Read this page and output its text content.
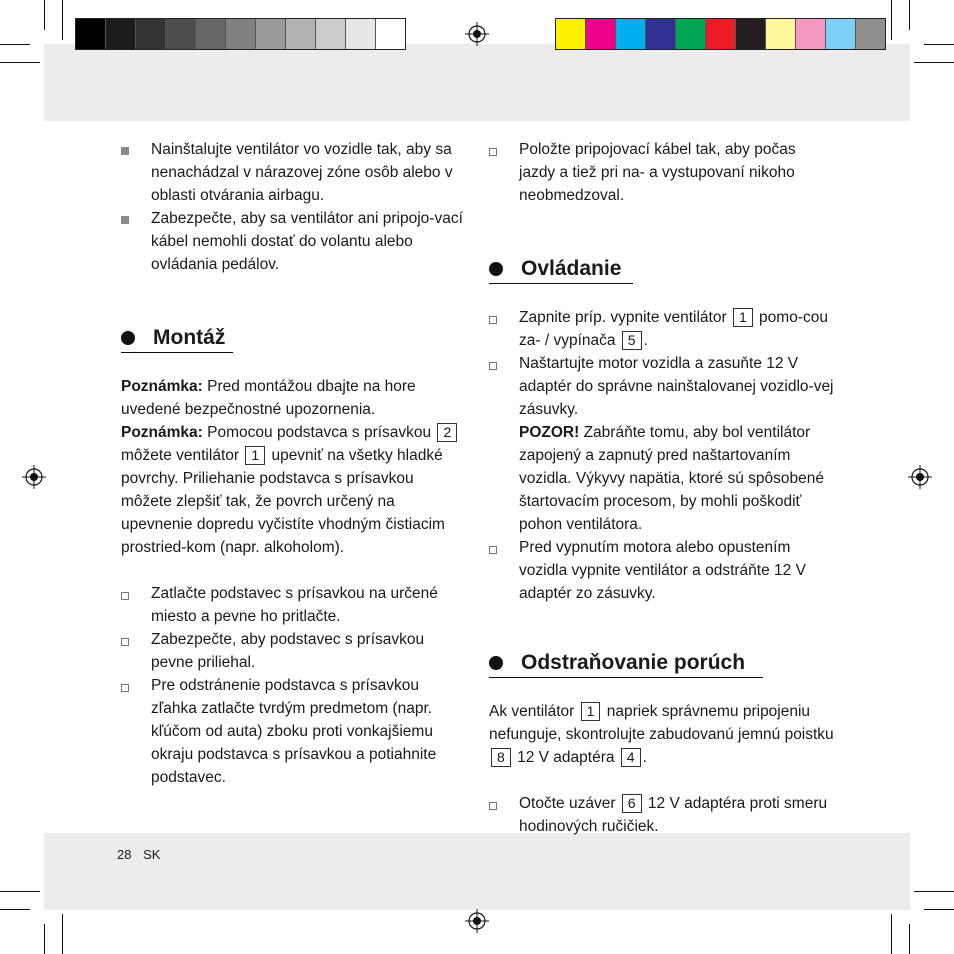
Nainštalujte ventilátor vo vozidle tak, aby sa nenachádzal v nárazovej zóne osôb alebo v oblasti otvárania airbagu.
Zabezpečte, aby sa ventilátor ani pripojo-vací kábel nemohli dostať do volantu alebo ovládania pedálov.
Montáž
Poznámka: Pred montážou dbajte na hore uvedené bezpečnostné upozornenia.
Poznámka: Pomocou podstavca s prísavkou 2 môžete ventilátor 1 upevniť na všetky hladké povrchy. Priliehanie podstavca s prísavkou môžete zlepšiť tak, že povrch určený na upevnenie dopredu vyčistíte vhodným čistiacim prostried-kom (napr. alkoholom).
Zatlačte podstavec s prísavkou na určené miesto a pevne ho pritlačte.
Zabezpečte, aby podstavec s prísavkou pevne priliehal.
Pre odstránenie podstavca s prísavkou zľahka zatlačte tvrdým predmetom (napr. kľúčom od auta) zboku proti vonkajšiemu okraju podstavca s prísavkou a potiahnite podstavec.
Položte pripojovací kábel tak, aby počas jazdy a tiež pri na- a vystupovaní nikoho neobmedzoval.
Ovládanie
Zapnite príp. vypnite ventilátor 1 pomo-cou za- / vypínača 5 .
Naštartujte motor vozidla a zasuňte 12 V adaptér do správne nainštalovanej vozidlo-vej zásuvky.
POZOR! Zabráňte tomu, aby bol ventilátor zapojený a zapnutý pred naštartovaním vozidla. Výkyvy napätia, ktoré sú spôsobené štartovacím procesom, by mohli poškodiť pohon ventilátora.
Pred vypnutím motora alebo opustením vozidla vypnite ventilátor a odstráňte 12 V adaptér zo zásuvky.
Odstraňovanie porúch
Ak ventilátor 1 napriek správnemu pripojeniu nefunguje, skontrolujte zabudovanú jemnú poistku 8 12 V adaptéra 4 .
Otočte uzáver 6 12 V adaptéra proti smeru hodinových ručičiek.
28 SK
